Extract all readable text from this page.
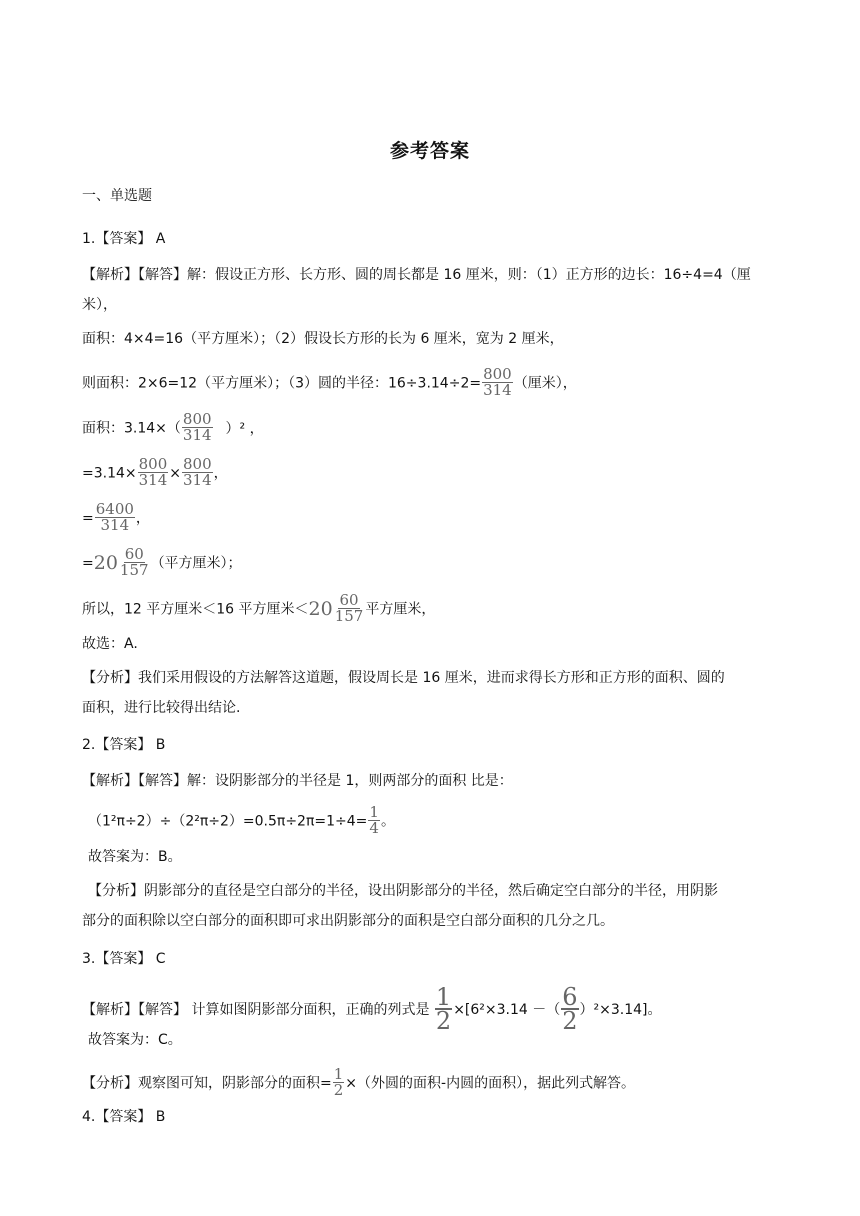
参考答案
一、单选题
1.【答案】 A
【解析】【解答】解：假设正方形、长方形、圆的周长都是 16 厘米，则：（1）正方形的边长：16÷4=4（厘
米），
面积：4×4=16（平方厘米）；（2）假设长方形的长为 6 厘米，宽为 2 厘米，
则面积：2×6=12（平方厘米）；（3）圆的半径：$16\div 3.14\div 2= \frac{800}{314}$ （厘米），
面积：$3.14\times( \frac{800}{314} )^2$ ，
$=3.14\times \frac{800}{314} \times \frac{800}{314}$ ，
= $\frac{6400}{314}$ ，
$=20 \frac{60}{157}$ （平方厘米）；
所以，12 平方厘米＜16 平方厘米$<20 \frac{60}{157}$ 平方厘米，
故选：A.
【分析】我们采用假设的方法解答这道题，假设周长是 16 厘米，进而求得长方形和正方形的面积、圆的
面积，进行比较得出结论.
2.【答案】 B
【解析】【解答】解：设阴影部分的半径是 1，则两部分的面积 比是：
$(1^2\pi\div 2)\div(2^2\pi\div 2)=0.5\pi\div 2\pi=1\div 4= \frac{1}{4}$ 。
故答案为：B。
【分析】阴影部分的直径是空白部分的半径，设出阴影部分的半径，然后确定空白部分的半径，用阴影
部分的面积除以空白部分的面积即可求出阴影部分的面积是空白部分面积的几分之几。
3.【答案】 C
【解析】【解答】 计算如图阴影部分面积，正确的列式是 $\frac{1}{2} \times[6^2\times 3.14$ －（ $\frac{6}{2} )^2\times 3.14$]。
故答案为：C。
【分析】观察图可知，阴影部分的面积= $\frac{1}{2}$ ×（外圆的面积-内圆的面积），据此列式解答。
4.【答案】 B
